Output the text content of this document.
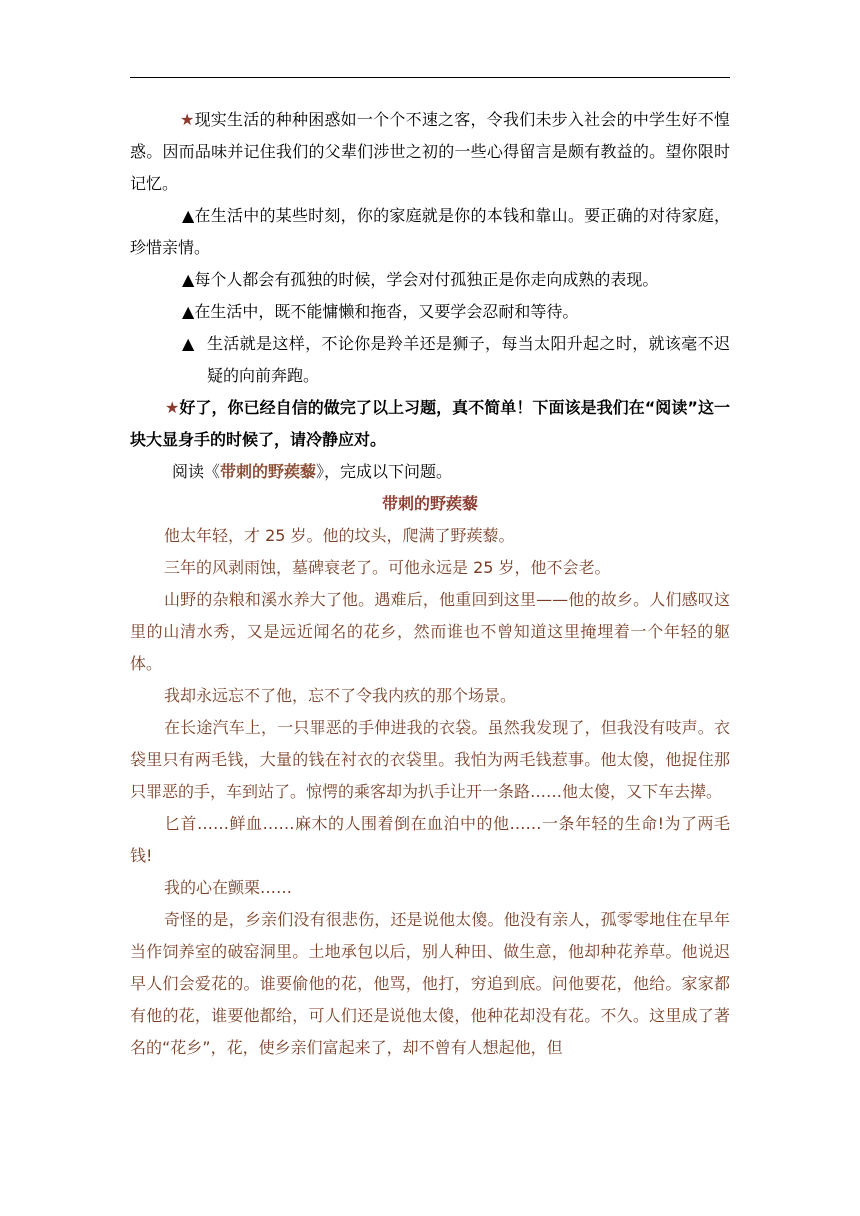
★现实生活的种种困惑如一个个不速之客，令我们未步入社会的中学生好不惶惑。因而品味并记住我们的父辈们涉世之初的一些心得留言是颇有教益的。望你限时记忆。

▲在生活中的某些时刻，你的家庭就是你的本钱和靠山。要正确的对待家庭，珍惜亲情。

▲ 每个人都会有孤独的时候，学会对付孤独正是你走向成熟的表现。
▲ 在生活中，既不能慵懒和拖沓，又要学会忍耐和等待。
▲ 生活就是这样，不论你是羚羊还是狮子，每当太阳升起之时，就该毫不迟疑的向前奔跑。

★好了，你已经自信的做完了以上习题，真不简单！下面该是我们在“阅读”这一块大显身手的时候了，请冷静应对。

阅读《带刺的野蒺藜》，完成以下问题。

带刺的野蒺藜

他太年轻，才 25 岁。他的坟头，爬满了野蒺藜。

三年的风剥雨蚀，墓碑衰老了。可他永远是 25 岁，他不会老。

山野的杂粮和溪水养大了他。遇难后，他重回到这里——他的故乡。人们感叹这里的山清水秀，又是远近闻名的花乡，然而谁也不曾知道这里掩埋着一个年轻的躯体。

我却永远忘不了他，忘不了令我内疚的那个场景。

在长途汽车上，一只罪恶的手伸进我的衣袋。虽然我发现了，但我没有吱声。衣袋里只有两毛钱，大量的钱在衬衣的衣袋里。我怕为两毛钱惹事。他太傻，他捉住那只罪恶的手，车到站了。惊愕的乘客却为扒手让开一条路……他太傻，又下车去撵。

匕首……鲜血……麻木的人围着倒在血泊中的他……一条年轻的生命!为了两毛钱!

我的心在颤栗……

奇怪的是，乡亲们没有很悲伤，还是说他太傻。他没有亲人，孤零零地住在早年当作饲养室的破窑洞里。土地承包以后，别人种田、做生意，他却种花养草。他说迟早人们会爱花的。谁要偷他的花，他骂，他打，穷追到底。问他要花，他给。家家都有他的花，谁要他都给，可人们还是说他太傻，他种花却没有花。不久。这里成了著名的“花乡”，花，使乡亲们富起来了，却不曾有人想起他，但
